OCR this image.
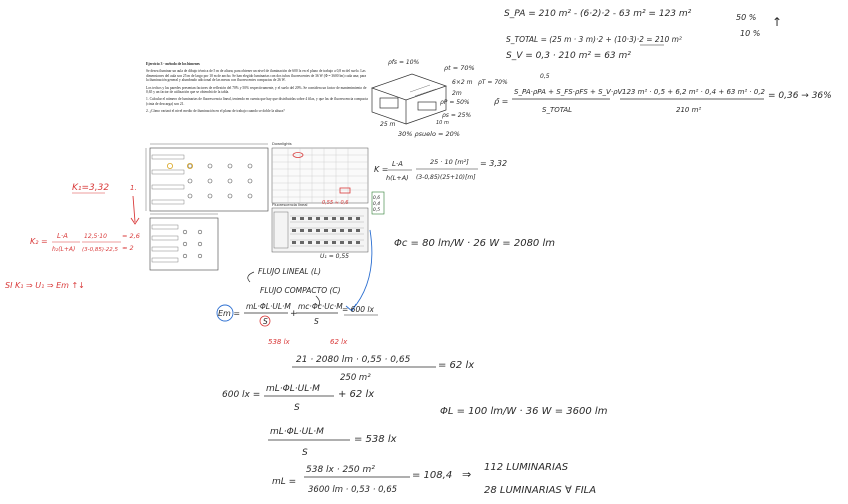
Ejercicio 3 - método de los lúmenes

Se desea iluminar un aula de dibujo técnica de 5 m de altura; para obtener un nivel de iluminación de 600 lx en el plano de trabajo a 0,8 m del suelo. Las dimensiones del aula son 25 m de largo por 10 m de ancho. Se han elegido luminarias con dos tubos fluorescentes de 36 W (Φ = 3600 lm) cada una; para la iluminación general y alumbrado adicional de las mesas con fluorescentes compactas de 26 W.

Los techos y las paredes presentan factores de reflexión del 70% y 50% respectivamente, y el suelo del 20%. Se considera un factor de mantenimiento de 0,65 y un factor de utilización que se obtendrá de la tabla.

1. Calcular el número de luminarias de fluorescencia lineal, teniendo en cuenta que hay que distribuirlas sobre 4 filas, y que las de fluorescencia compacta (cinta de descarga) son 21.

2. ¿Cómo variará el nivel medio de iluminación en el plano de trabajo cuando se doble la altura?

1.
K₁=3,32
K₂ =
L·A
h₂(L+A)
12,5·10
(3-0,85)·22,5
= 2,6
≈ 2
SI K₁ ⇒ U₁ ⇒ Em ↑↓
ρfs = 10%
ρt = 70%
6×2 m ρT = 70%
2m
ρP = 50%
ρs = 25%
25 m	10 m
30% ρsuelo = 20%
Downlights
0,55 ≈ 0,6
Fluorescencia lineal
U₁ = 0,55
0,6
0,4
0,5
S_PA = 210 m² - (6·2)·2 - 63 m² = 123 m²
S_TOTAL = (25 m · 3 m)·2 + (10·3)·2 = 210 m²
S_V = 0,3 · 210 m² = 63 m²
50 %
10 %
↑
ρ̄ =
0,5
S_PA·ρPA + S_FS·ρFS + S_V·ρV
S_TOTAL
123 m² · 0,5 + 6,2 m² · 0,4 + 63 m² · 0,2
210 m²
= 0,36 → 36%
K =
L·A
h(L+A)
25 · 10 [m²]
(3-0,85)(25+10)[m]
= 3,32
Φc = 80 lm/W · 26 W = 2080 lm
FLUJO LINEAL (L)
FLUJO COMPACTO (C)
Em =
mL·ΦL·UL·M
S
+
mc·Φc·Uc·M
S
= 600 lx
538 lx	62 lx
21 · 2080 lm · 0,55 · 0,65
250 m²
= 62 lx
600 lx =
mL·ΦL·UL·M
S
+ 62 lx
ΦL = 100 lm/W · 36 W = 3600 lm
mL·ΦL·UL·M
S
= 538 lx
mL =
538 lx · 250 m²
3600 lm · 0,53 · 0,65
= 108,4 ⇒
112 LUMINARIAS
28 LUMINARIAS ∀ FILA
